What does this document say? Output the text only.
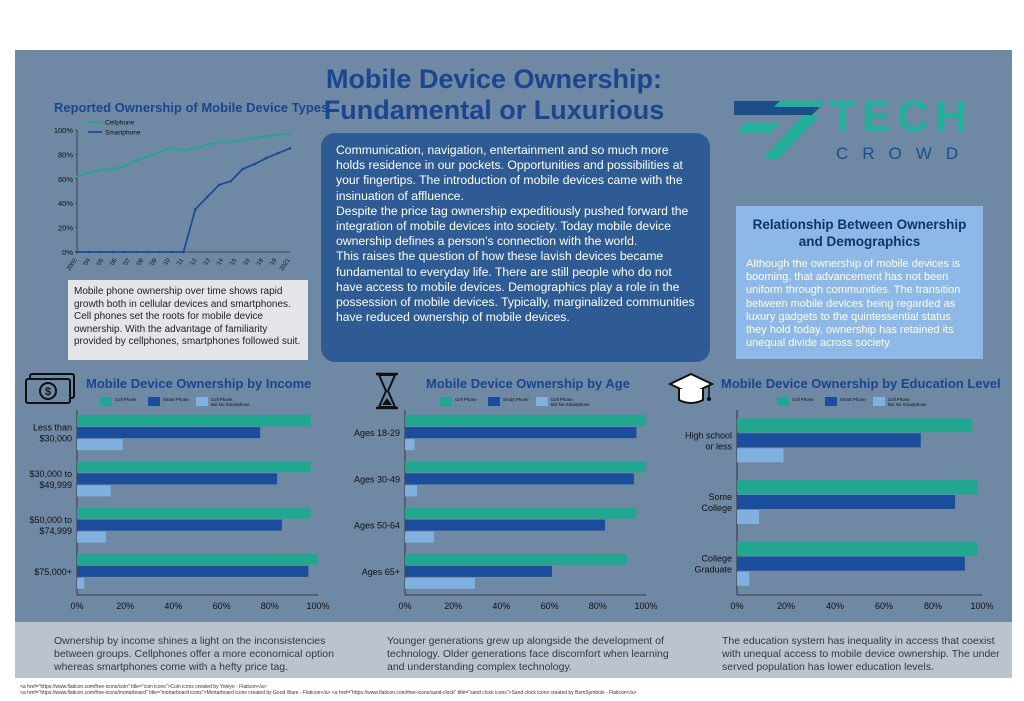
Mobile Device Ownership:
Fundamental or Luxurious	TECH
CROWD
Reported Ownership of Mobile Device Types
0%
20%
40%
60%
80%
100%
2002 '04 '05 '06 '07 '08 '09 '10 '11 '12 '13 '14 '15 '16 '18 '19 2021
Cellphone
Smartphone

Communication, navigation, entertainment and so much more holds residence in our pockets. Opportunities and possibilities at your fingertips. The introduction of mobile devices came with the insinuation of affluence.

Despite the price tag ownership expeditiously pushed forward the integration of mobile devices into society. Today mobile device ownership defines a person’s connection with the world.

This raises the question of how these lavish devices became fundamental to everyday life. There are still people who do not have access to mobile devices. Demographics play a role in the possession of mobile devices. Typically, marginalized communities have reduced ownership of mobile devices.

Mobile phone ownership over time shows rapid growth both in cellular devices and smartphones. Cell phones set the roots for mobile device ownership. With the advantage of familiarity provided by cellphones, smartphones followed suit.
Relationship Between Ownership and Demographics
Although the ownership of mobile devices is booming, that advancement has not been uniform through communities. The transition between mobile devices being regarded as luxury gadgets to the quintessential status they hold today, ownership has retained its unequal divide across society.
$
Mobile Device Ownership by Income	Mobile Device Ownership by Age	Mobile Device Ownership by Education Level
Cell Phone	Smart Phone	Cell Phone,
But No Smartphone
0%	20%	40%	60%	80%	100%
Less than
$30,000
$30,000 to
$49,999
$50,000 to
$74,999
$75,000+
Cell Phone	Smart Phone	Cell Phone,
But No Smartphone
0%	20%	40%	60%	80%	100%
Ages 18-29
Ages 30-49
Ages 50-64
Ages 65+
Cell Phone	Smart Phone	Cell Phone,
But No Smartphone
0%	20%	40%	60%	80%	100%
High school
or less
Some
College
College
Graduate
Ownership by income shines a light on the inconsistencies between groups. Cellphones offer a more economical option whereas smartphones come with a hefty price tag.
Younger generations grew up alongside the development of technology. Older generations face discomfort when learning and understanding complex technology.
The education system has inequality in access that coexist with unequal access to mobile device ownership. The under served population has lower education levels.
<a href="https://www.flaticon.com/free-icons/coin" title="coin icons">Coin icons created by Yoleyo - Flaticon</a>
<a href="https://www.flaticon.com/free-icons/mortarboard" title="mortarboard icons">Mortarboard icons created by Good Ware - Flaticon</a> <a href="https://www.flaticon.com/free-icons/sand-clock" title="sand clock icons">Sand clock icons created by BomSymbols - Flaticon</a>
